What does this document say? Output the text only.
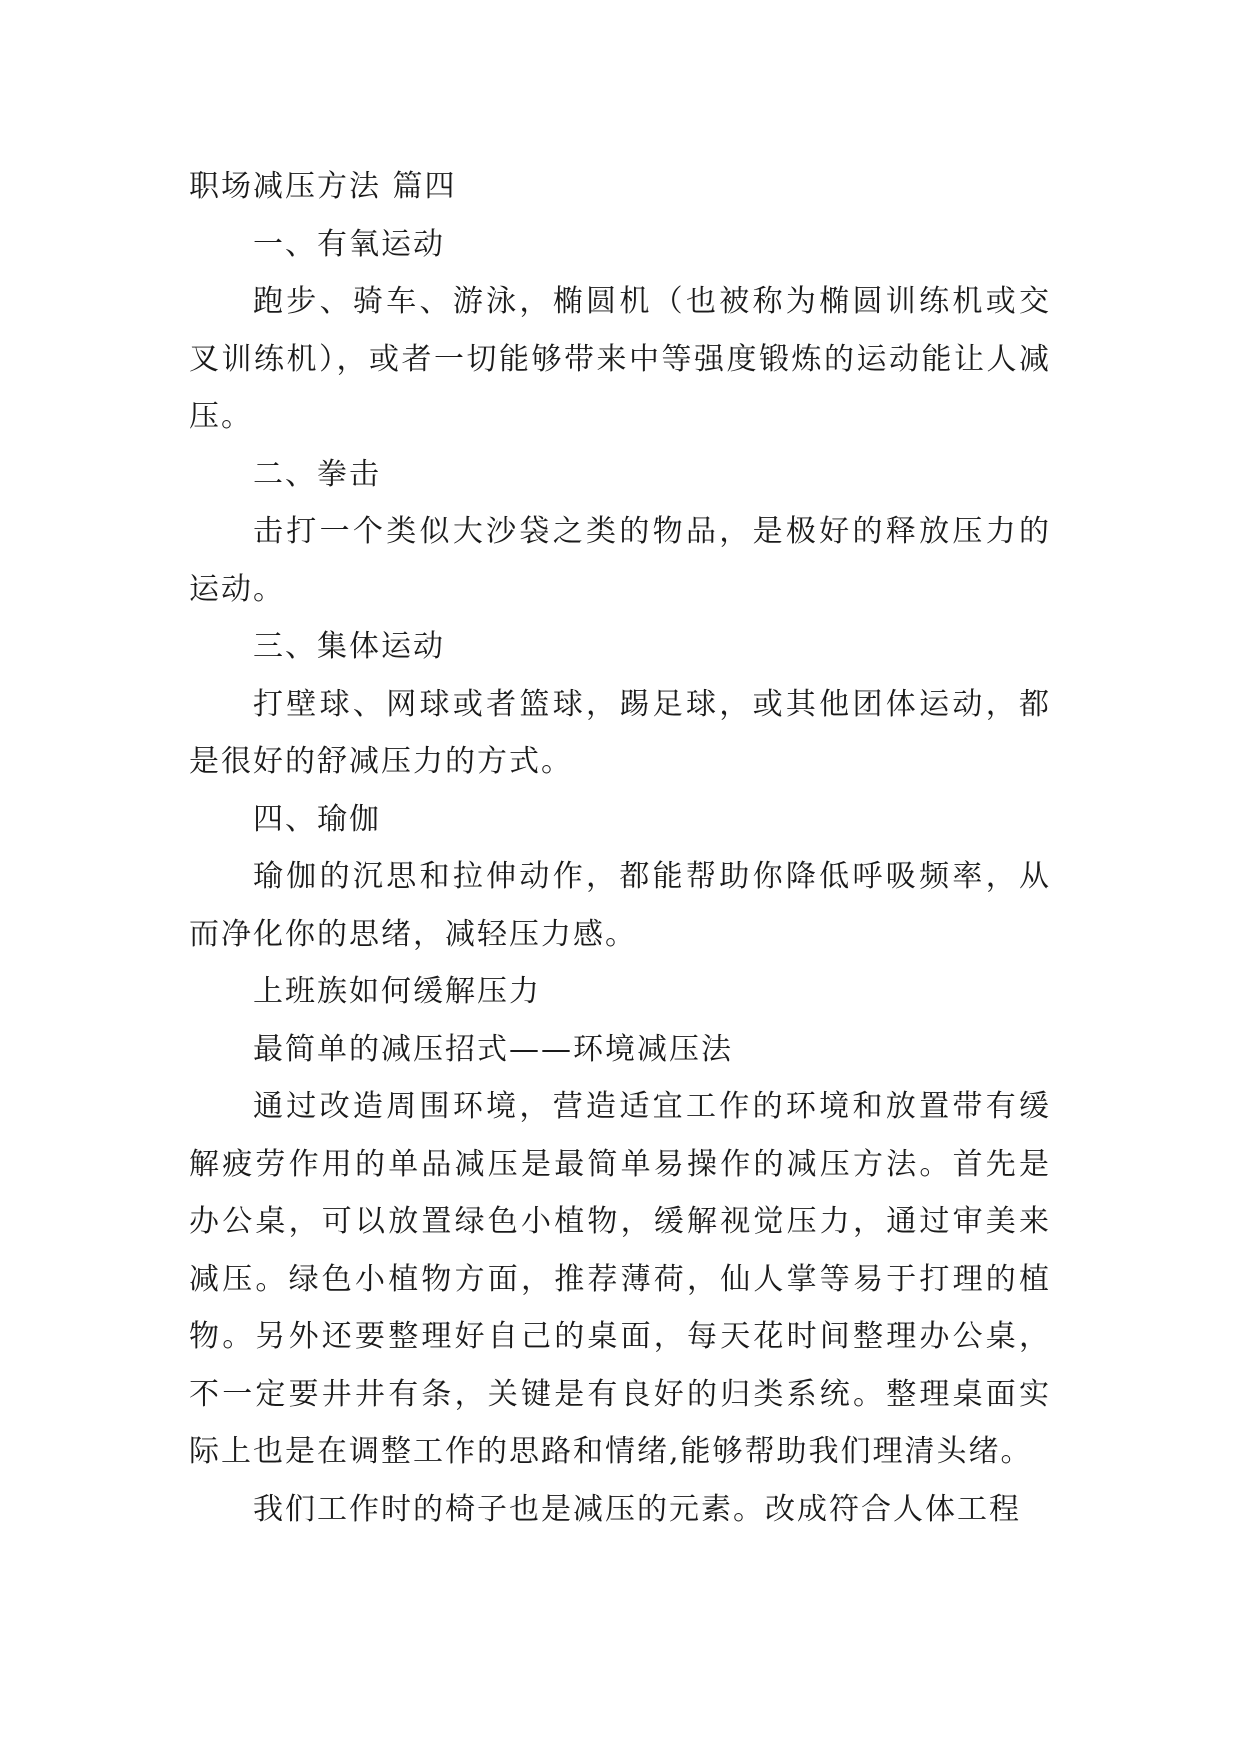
职场减压方法 篇四

一、有氧运动

跑步、骑车、游泳，椭圆机（也被称为椭圆训练机或交叉训练机），或者一切能够带来中等强度锻炼的运动能让人减压。

二、拳击

击打一个类似大沙袋之类的物品，是极好的释放压力的运动。

三、集体运动

打壁球、网球或者篮球，踢足球，或其他团体运动，都是很好的舒减压力的方式。

四、瑜伽

瑜伽的沉思和拉伸动作，都能帮助你降低呼吸频率，从而净化你的思绪，减轻压力感。

上班族如何缓解压力

最简单的减压招式——环境减压法

通过改造周围环境，营造适宜工作的环境和放置带有缓解疲劳作用的单品减压是最简单易操作的减压方法。首先是办公桌，可以放置绿色小植物，缓解视觉压力，通过审美来减压。绿色小植物方面，推荐薄荷，仙人掌等易于打理的植物。另外还要整理好自己的桌面，每天花时间整理办公桌，不一定要井井有条，关键是有良好的归类系统。整理桌面实际上也是在调整工作的思路和情绪,能够帮助我们理清头绪。

我们工作时的椅子也是减压的元素。改成符合人体工程
